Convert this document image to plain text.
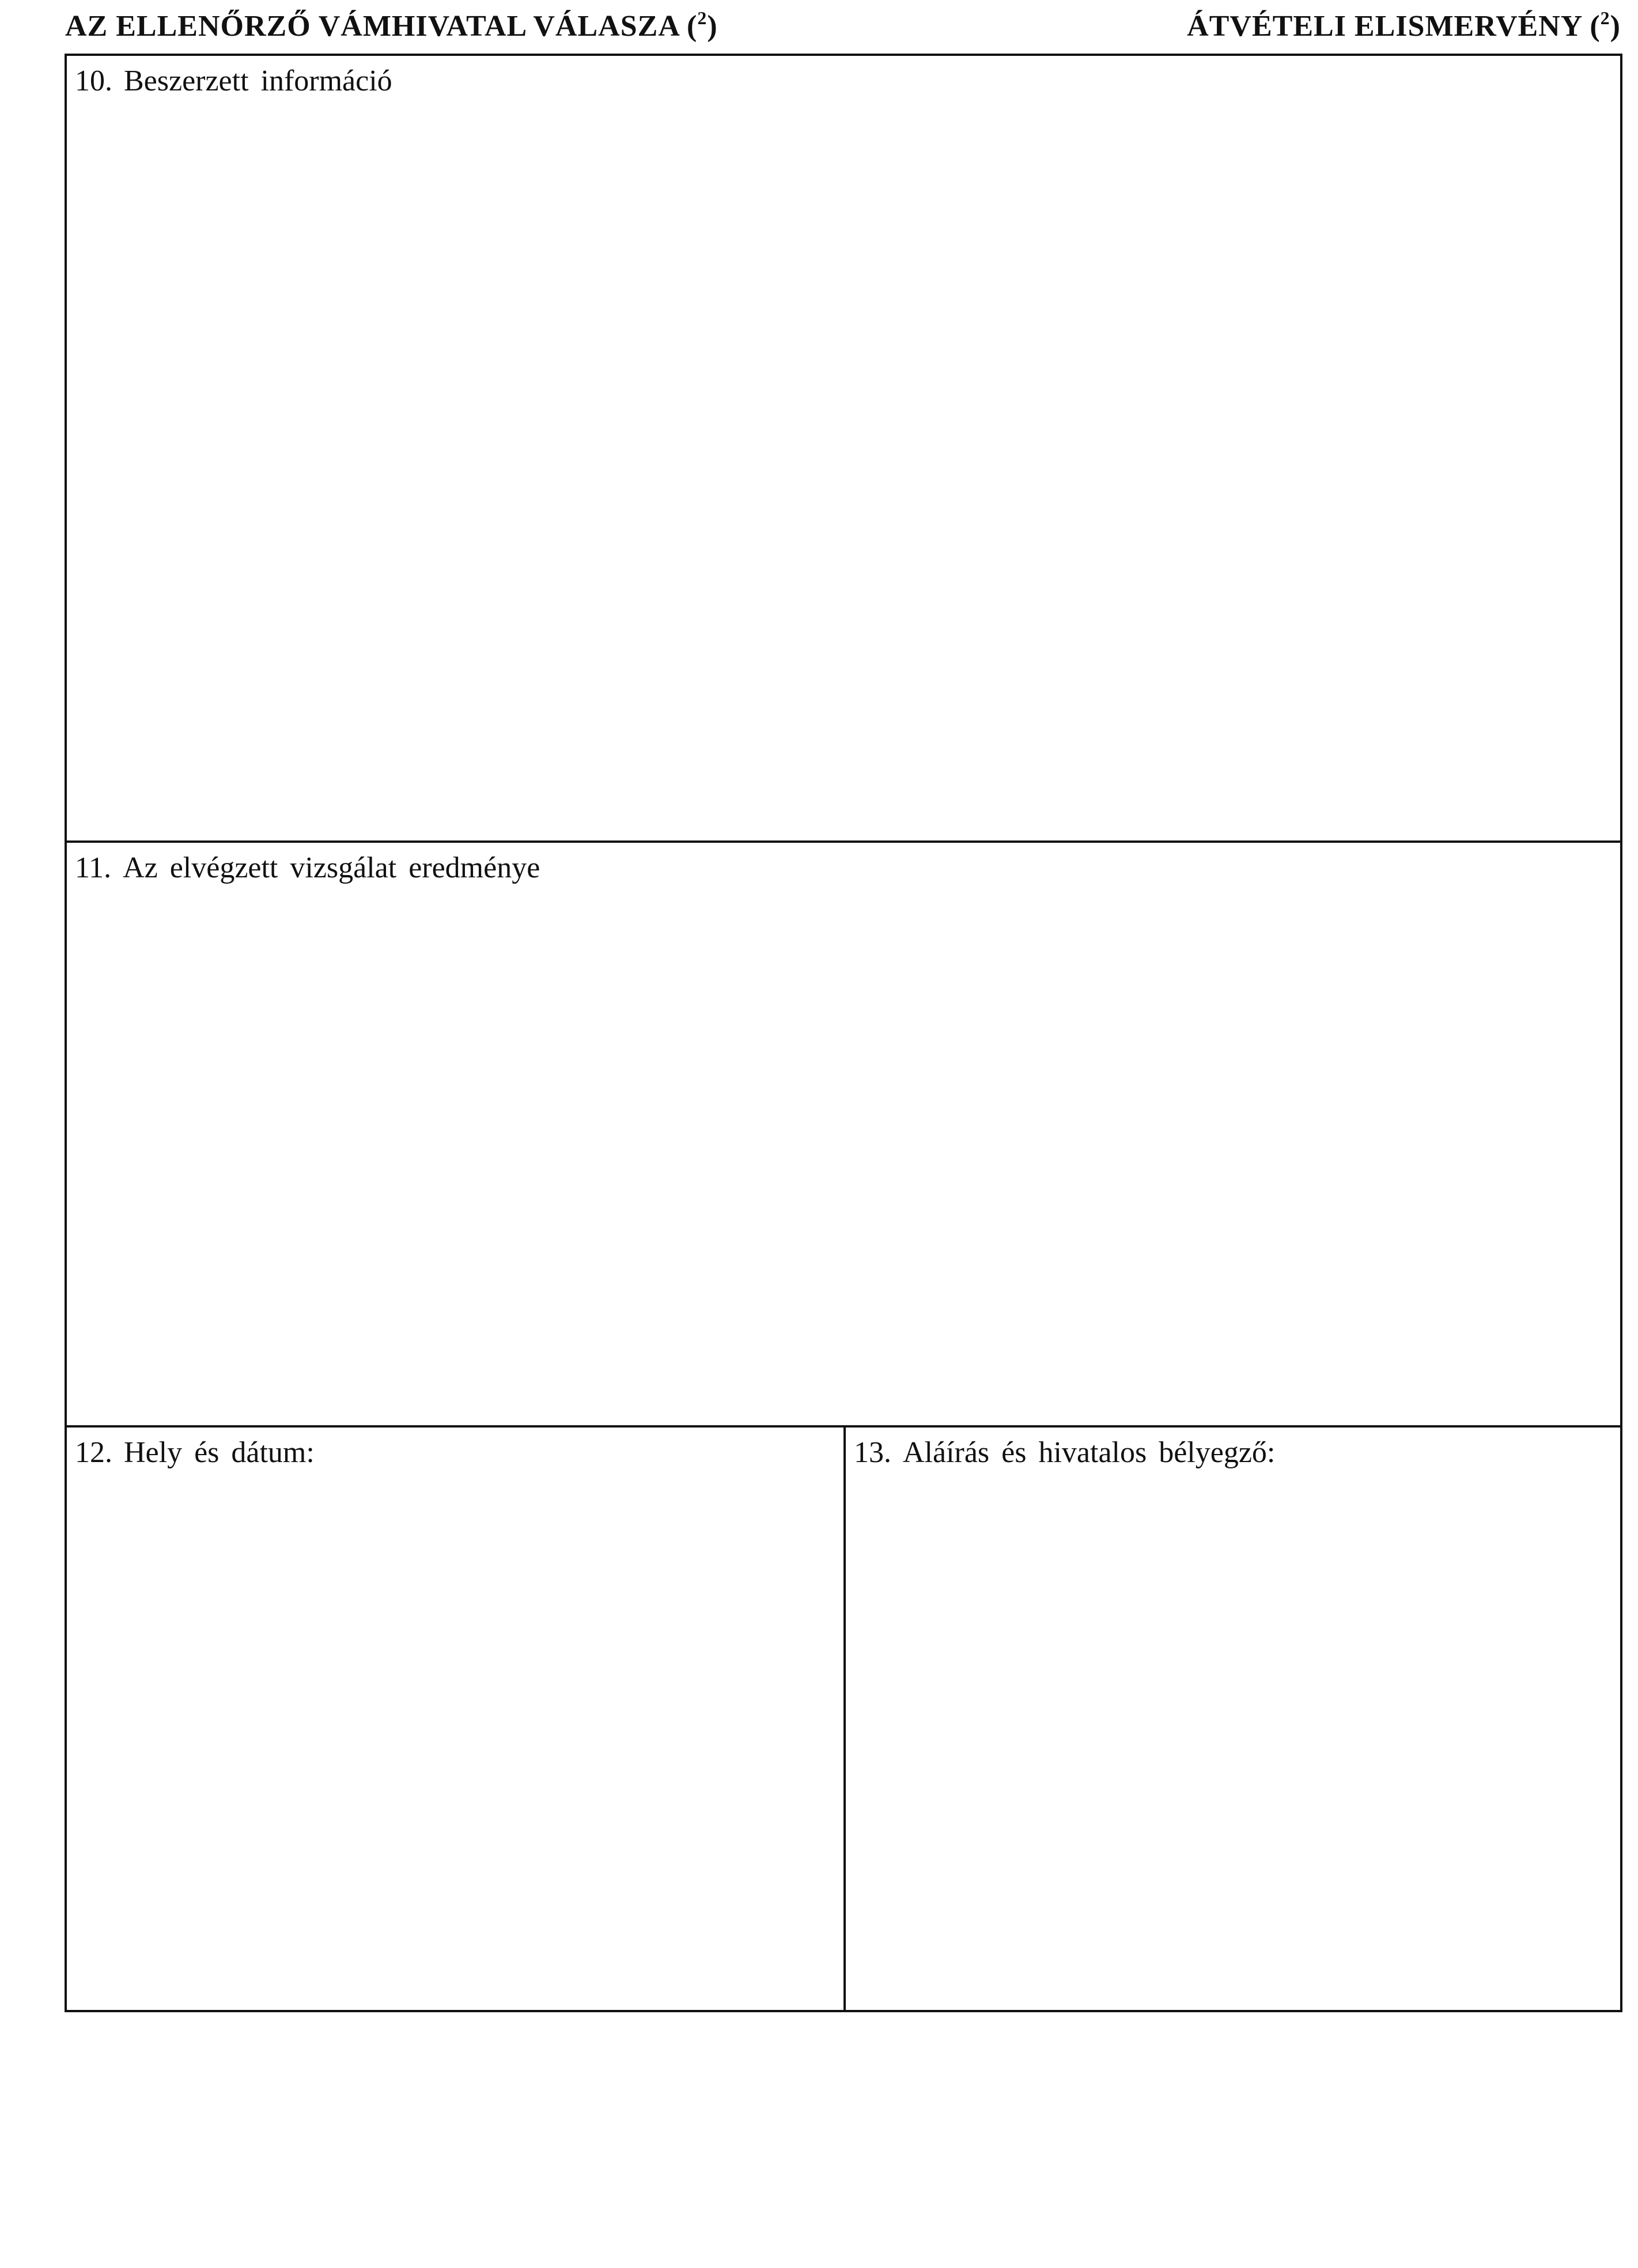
AZ ELLENŐRZŐ VÁMHIVATAL VÁLASZA ($^2$)	ÁTVÉTELI ELISMERVÉNY ($^2$)
10. Beszerzett információ
11. Az elvégzett vizsgálat eredménye
12. Hely és dátum:	13. Aláírás és hivatalos bélyegző:
